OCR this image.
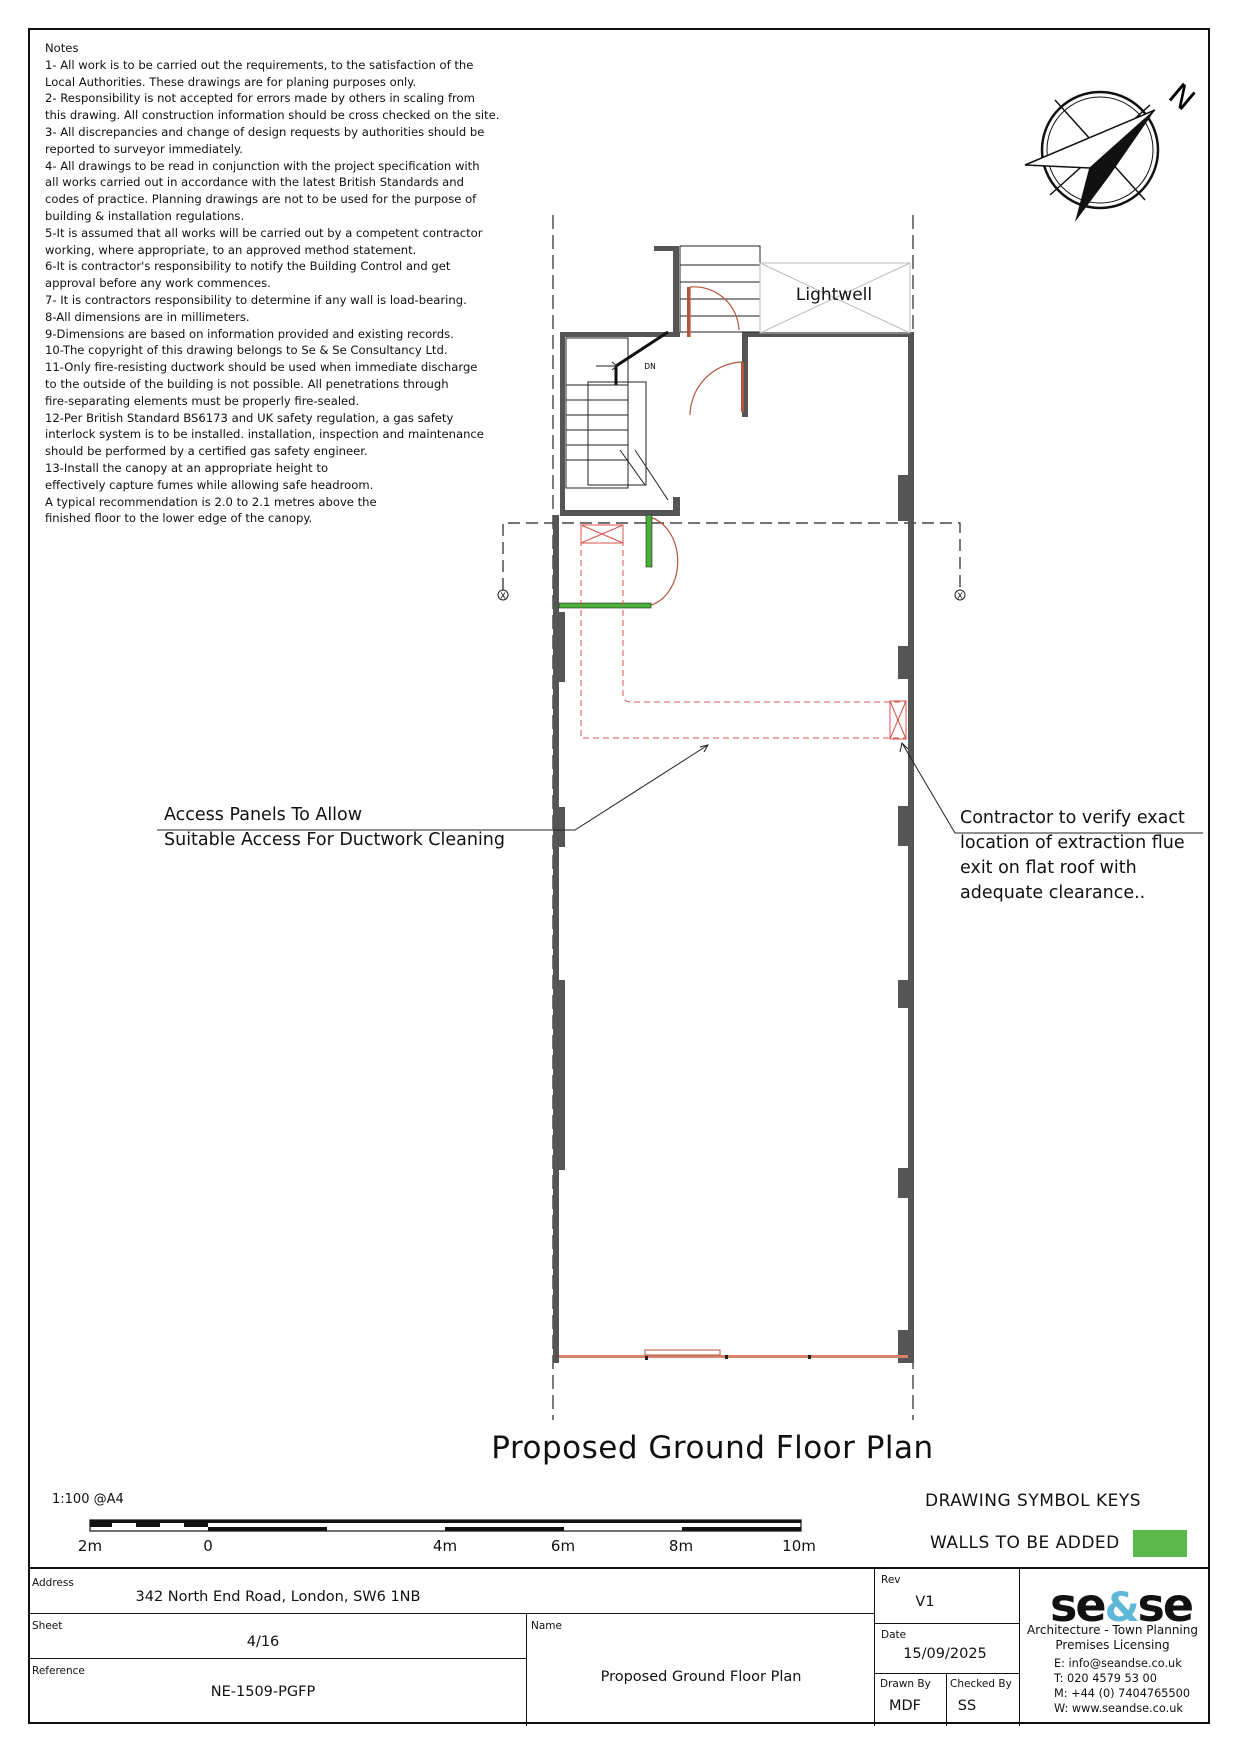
Notes
1- All work is to be carried out the requirements, to the satisfaction of the
Local Authorities. These drawings are for planing purposes only.
2- Responsibility is not accepted for errors made by others in scaling from
this drawing. All construction information should be cross checked on the site.
3- All discrepancies and change of design requests by authorities should be
reported to surveyor immediately.
4- All drawings to be read in conjunction with the project specification with
all works carried out in accordance with the latest British Standards and
codes of practice. Planning drawings are not to be used for the purpose of
building & installation regulations.
5-It is assumed that all works will be carried out by a competent contractor
working, where appropriate, to an approved method statement.
6-It is contractor's responsibility to notify the Building Control and get
approval before any work commences.
7- It is contractors responsibility to determine if any wall is load-bearing.
8-All dimensions are in millimeters.
9-Dimensions are based on information provided and existing records.
10-The copyright of this drawing belongs to Se & Se Consultancy Ltd.
11-Only fire-resisting ductwork should be used when immediate discharge
to the outside of the building is not possible. All penetrations through
fire-separating elements must be properly fire-sealed.
12-Per British Standard BS6173 and UK safety regulation, a gas safety
interlock system is to be installed. installation, inspection and maintenance
should be performed by a certified gas safety engineer.
13-Install the canopy at an appropriate height to
effectively capture fumes while allowing safe headroom.
A typical recommendation is 2.0 to 2.1 metres above the
finished floor to the lower edge of the canopy.
X	X
DN
N
Lightwell
Access Panels To Allow
Suitable Access For Ductwork Cleaning
Contractor to verify exact
location of extraction flue
exit on flat roof with
adequate clearance..
Proposed Ground Floor Plan
1:100 @A4
2m	0	4m	6m	8m	10m
DRAWING SYMBOL KEYS
WALLS TO BE ADDED
Address
342 North End Road, London, SW6 1NB
Sheet
4/16
Reference
NE-1509-PGFP
Name
Proposed Ground Floor Plan
Rev
V1
Date
15/09/2025
Drawn By
MDF
Checked By
SS
se&se
Architecture - Town Planning
Premises Licensing
E: info@seandse.co.uk
T: 020 4579 53 00
M: +44 (0) 7404765500
W: www.seandse.co.uk
